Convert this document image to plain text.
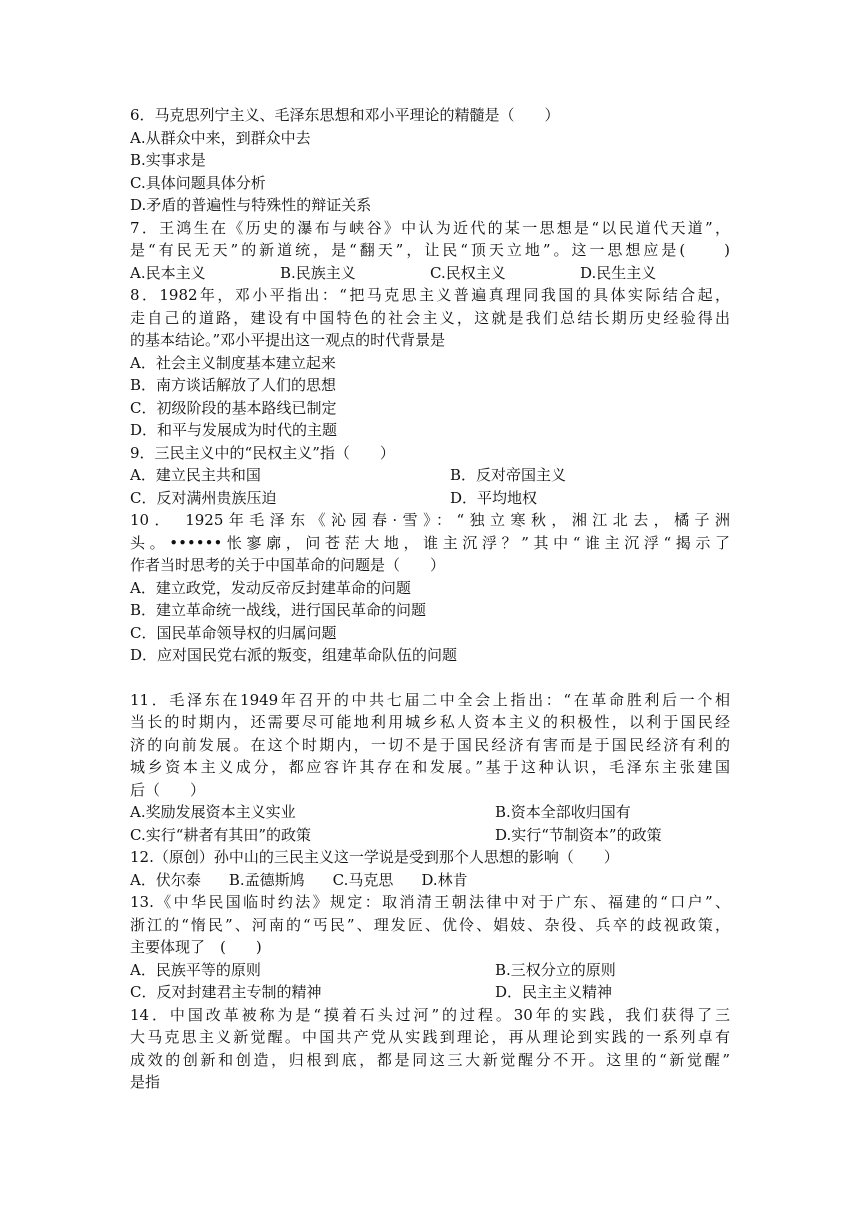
6．马克思列宁主义、毛泽东思想和邓小平理论的精髓是（　　）
A.从群众中来，到群众中去
B.实事求是
C.具体问题具体分析
D.矛盾的普遍性与特殊性的辩证关系
7．王鸿生在《历史的瀑布与峡谷》中认为近代的某一思想是“以民道代天道”，
是“有民无天”的新道统，是“翻天”，让民“顶天立地”。这一思想应是(　　)
A.民本主义	B.民族主义	C.民权主义	D.民生主义
8．1982年，邓小平指出：“把马克思主义普遍真理同我国的具体实际结合起，
走自己的道路，建设有中国特色的社会主义，这就是我们总结长期历史经验得出
的基本结论。”邓小平提出这一观点的时代背景是
A．社会主义制度基本建立起来
B．南方谈话解放了人们的思想
C．初级阶段的基本路线已制定
D．和平与发展成为时代的主题
9．三民主义中的“民权主义”指（　　）
A．建立民主共和国	B．反对帝国主义
C．反对满州贵族压迫	D．平均地权
10． 1925年毛泽东《沁园春·雪》：“独立寒秋，湘江北去，橘子洲
头。••••••怅寥廓，问苍茫大地，谁主沉浮？”其中“谁主沉浮“揭示了
作者当时思考的关于中国革命的问题是（　　）
A．建立政党，发动反帝反封建革命的问题
B．建立革命统一战线，进行国民革命的问题
C．国民革命领导权的归属问题
D．应对国民党右派的叛变，组建革命队伍的问题
11．毛泽东在1949年召开的中共七届二中全会上指出：“在革命胜利后一个相
当长的时期内，还需要尽可能地利用城乡私人资本主义的积极性，以利于国民经
济的向前发展。在这个时期内，一切不是于国民经济有害而是于国民经济有利的
城乡资本主义成分，都应容许其存在和发展。”基于这种认识，毛泽东主张建国
后（　　）
A.奖励发展资本主义实业	B.资本全部收归国有
C.实行“耕者有其田”的政策	D.实行“节制资本”的政策
12.（原创）孙中山的三民主义这一学说是受到那个人思想的影响（　　）
A．伏尔泰 B.孟德斯鸠 C.马克思 D.林肯
13.《中华民国临时约法》规定：取消清王朝法律中对于广东、福建的“口户”、
浙江的“惰民”、河南的“丐民”、理发匠、优伶、娼妓、杂役、兵卒的歧视政策，
主要体现了　(　　)
A．民族平等的原则	B.三权分立的原则
C．反对封建君主专制的精神	D．民主主义精神
14．中国改革被称为是“摸着石头过河”的过程。30年的实践，我们获得了三
大马克思主义新觉醒。中国共产党从实践到理论，再从理论到实践的一系列卓有
成效的创新和创造，归根到底，都是同这三大新觉醒分不开。这里的“新觉醒”
是指
